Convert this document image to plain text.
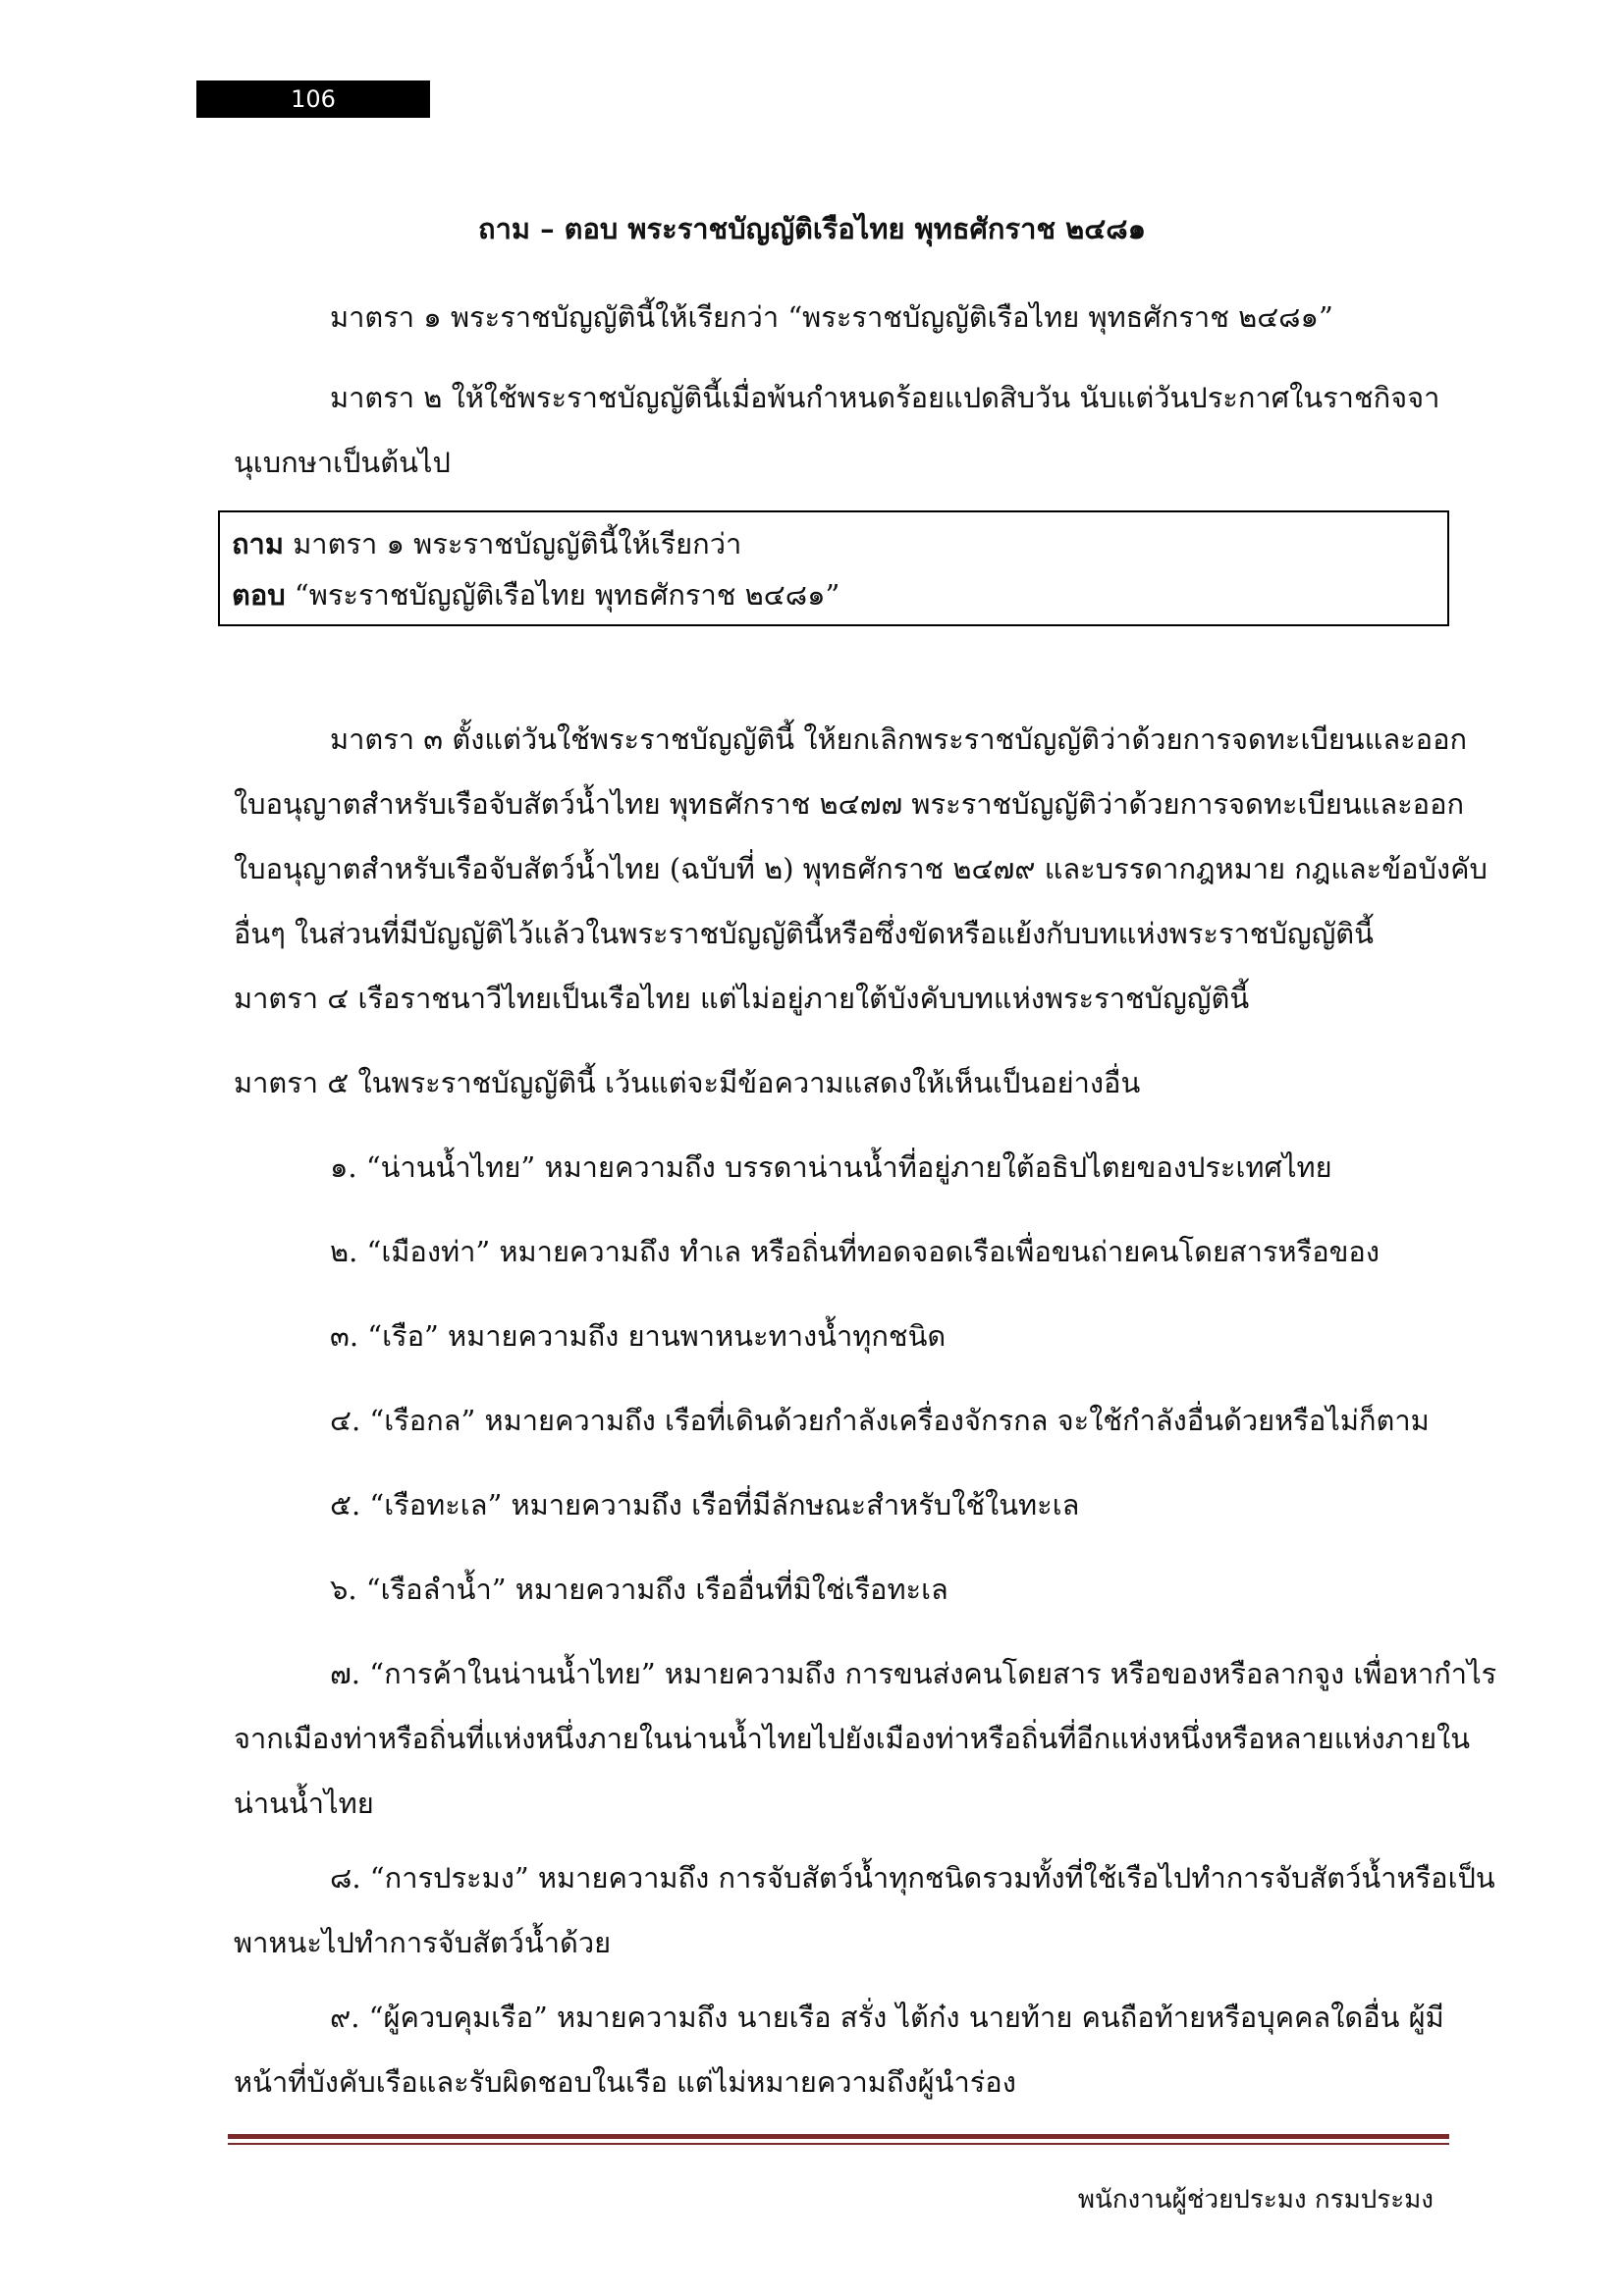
106
ถาม – ตอบ พระราชบัญญัติเรือไทย พุทธศักราช ๒๔๘๑

มาตรา ๑ พระราชบัญญัตินี้ให้เรียกว่า “พระราชบัญญัติเรือไทย พุทธศักราช ๒๔๘๑”

มาตรา ๒ ให้ใช้พระราชบัญญัตินี้เมื่อพ้นกำหนดร้อยแปดสิบวัน นับแต่วันประกาศในราชกิจจา
นุเบกษาเป็นต้นไป

ถาม มาตรา ๑ พระราชบัญญัตินี้ให้เรียกว่า
ตอบ “พระราชบัญญัติเรือไทย พุทธศักราช ๒๔๘๑”

มาตรา ๓ ตั้งแต่วันใช้พระราชบัญญัตินี้ ให้ยกเลิกพระราชบัญญัติว่าด้วยการจดทะเบียนและออก
ใบอนุญาตสำหรับเรือจับสัตว์น้ำไทย พุทธศักราช ๒๔๗๗ พระราชบัญญัติว่าด้วยการจดทะเบียนและออก
ใบอนุญาตสำหรับเรือจับสัตว์น้ำไทย (ฉบับที่ ๒) พุทธศักราช ๒๔๗๙ และบรรดากฎหมาย กฎและข้อบังคับ
อื่นๆ ในส่วนที่มีบัญญัติไว้แล้วในพระราชบัญญัตินี้หรือซึ่งขัดหรือแย้งกับบทแห่งพระราชบัญญัตินี้

มาตรา ๔ เรือราชนาวีไทยเป็นเรือไทย แต่ไม่อยู่ภายใต้บังคับบทแห่งพระราชบัญญัตินี้

มาตรา ๕ ในพระราชบัญญัตินี้ เว้นแต่จะมีข้อความแสดงให้เห็นเป็นอย่างอื่น

๑. “น่านน้ำไทย” หมายความถึง บรรดาน่านน้ำที่อยู่ภายใต้อธิปไตยของประเทศไทย

๒. “เมืองท่า” หมายความถึง ทำเล หรือถิ่นที่ทอดจอดเรือเพื่อขนถ่ายคนโดยสารหรือของ

๓. “เรือ” หมายความถึง ยานพาหนะทางน้ำทุกชนิด

๔. “เรือกล” หมายความถึง เรือที่เดินด้วยกำลังเครื่องจักรกล จะใช้กำลังอื่นด้วยหรือไม่ก็ตาม

๕. “เรือทะเล” หมายความถึง เรือที่มีลักษณะสำหรับใช้ในทะเล

๖. “เรือลำน้ำ” หมายความถึง เรืออื่นที่มิใช่เรือทะเล

๗. “การค้าในน่านน้ำไทย” หมายความถึง การขนส่งคนโดยสาร หรือของหรือลากจูง เพื่อหากำไร
จากเมืองท่าหรือถิ่นที่แห่งหนึ่งภายในน่านน้ำไทยไปยังเมืองท่าหรือถิ่นที่อีกแห่งหนึ่งหรือหลายแห่งภายใน
น่านน้ำไทย

๘. “การประมง” หมายความถึง การจับสัตว์น้ำทุกชนิดรวมทั้งที่ใช้เรือไปทำการจับสัตว์น้ำหรือเป็น
พาหนะไปทำการจับสัตว์น้ำด้วย

๙. “ผู้ควบคุมเรือ” หมายความถึง นายเรือ สรั่ง ไต้ก๋ง นายท้าย คนถือท้ายหรือบุคคลใดอื่น ผู้มี
หน้าที่บังคับเรือและรับผิดชอบในเรือ แต่ไม่หมายความถึงผู้นำร่อง

พนักงานผู้ช่วยประมง กรมประมง
